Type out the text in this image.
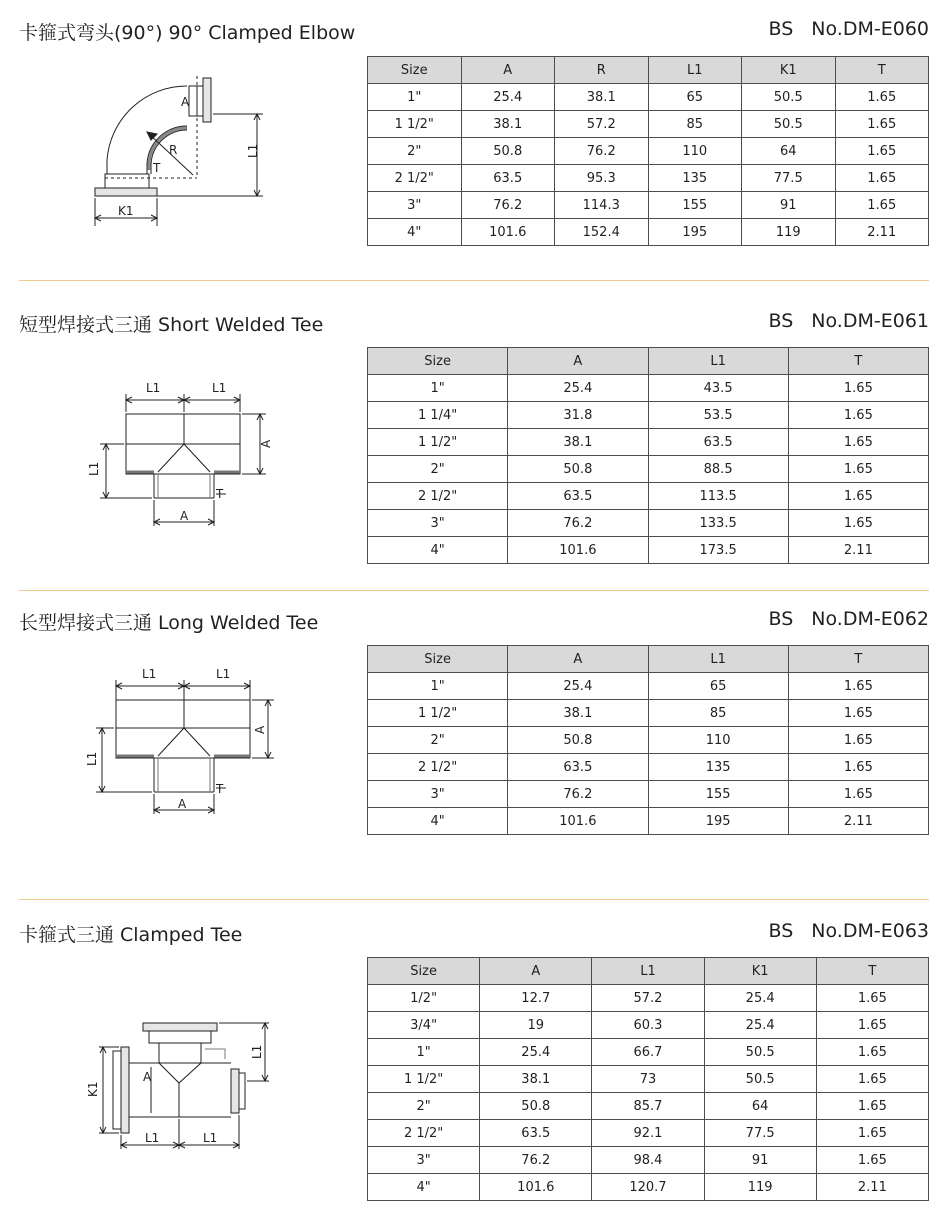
卡箍式弯头(90°) 90° Clamped Elbow	BS No.DM-E060
A
R
T
L1
K1
Size	A	R	L1	K1	T
1"	25.4	38.1	65	50.5	1.65
1 1/2"	38.1	57.2	85	50.5	1.65
2"	50.8	76.2	110	64	1.65
2 1/2"	63.5	95.3	135	77.5	1.65
3"	76.2	114.3	155	91	1.65
4"	101.6	152.4	195	119	2.11
短型焊接式三通 Short Welded Tee	BS No.DM-E061
L1	L1
A
L1
T
A
Size	A	L1	T
1"	25.4	43.5	1.65
1 1/4"	31.8	53.5	1.65
1 1/2"	38.1	63.5	1.65
2"	50.8	88.5	1.65
2 1/2"	63.5	113.5	1.65
3"	76.2	133.5	1.65
4"	101.6	173.5	2.11
长型焊接式三通 Long Welded Tee	BS No.DM-E062
L1	L1
A
L1
T
A
Size	A	L1	T
1"	25.4	65	1.65
1 1/2"	38.1	85	1.65
2"	50.8	110	1.65
2 1/2"	63.5	135	1.65
3"	76.2	155	1.65
4"	101.6	195	2.11
卡箍式三通 Clamped Tee	BS No.DM-E063
K1
A
L1
L1	L1
Size	A	L1	K1	T
1/2"	12.7	57.2	25.4	1.65
3/4"	19	60.3	25.4	1.65
1"	25.4	66.7	50.5	1.65
1 1/2"	38.1	73	50.5	1.65
2"	50.8	85.7	64	1.65
2 1/2"	63.5	92.1	77.5	1.65
3"	76.2	98.4	91	1.65
4"	101.6	120.7	119	2.11
